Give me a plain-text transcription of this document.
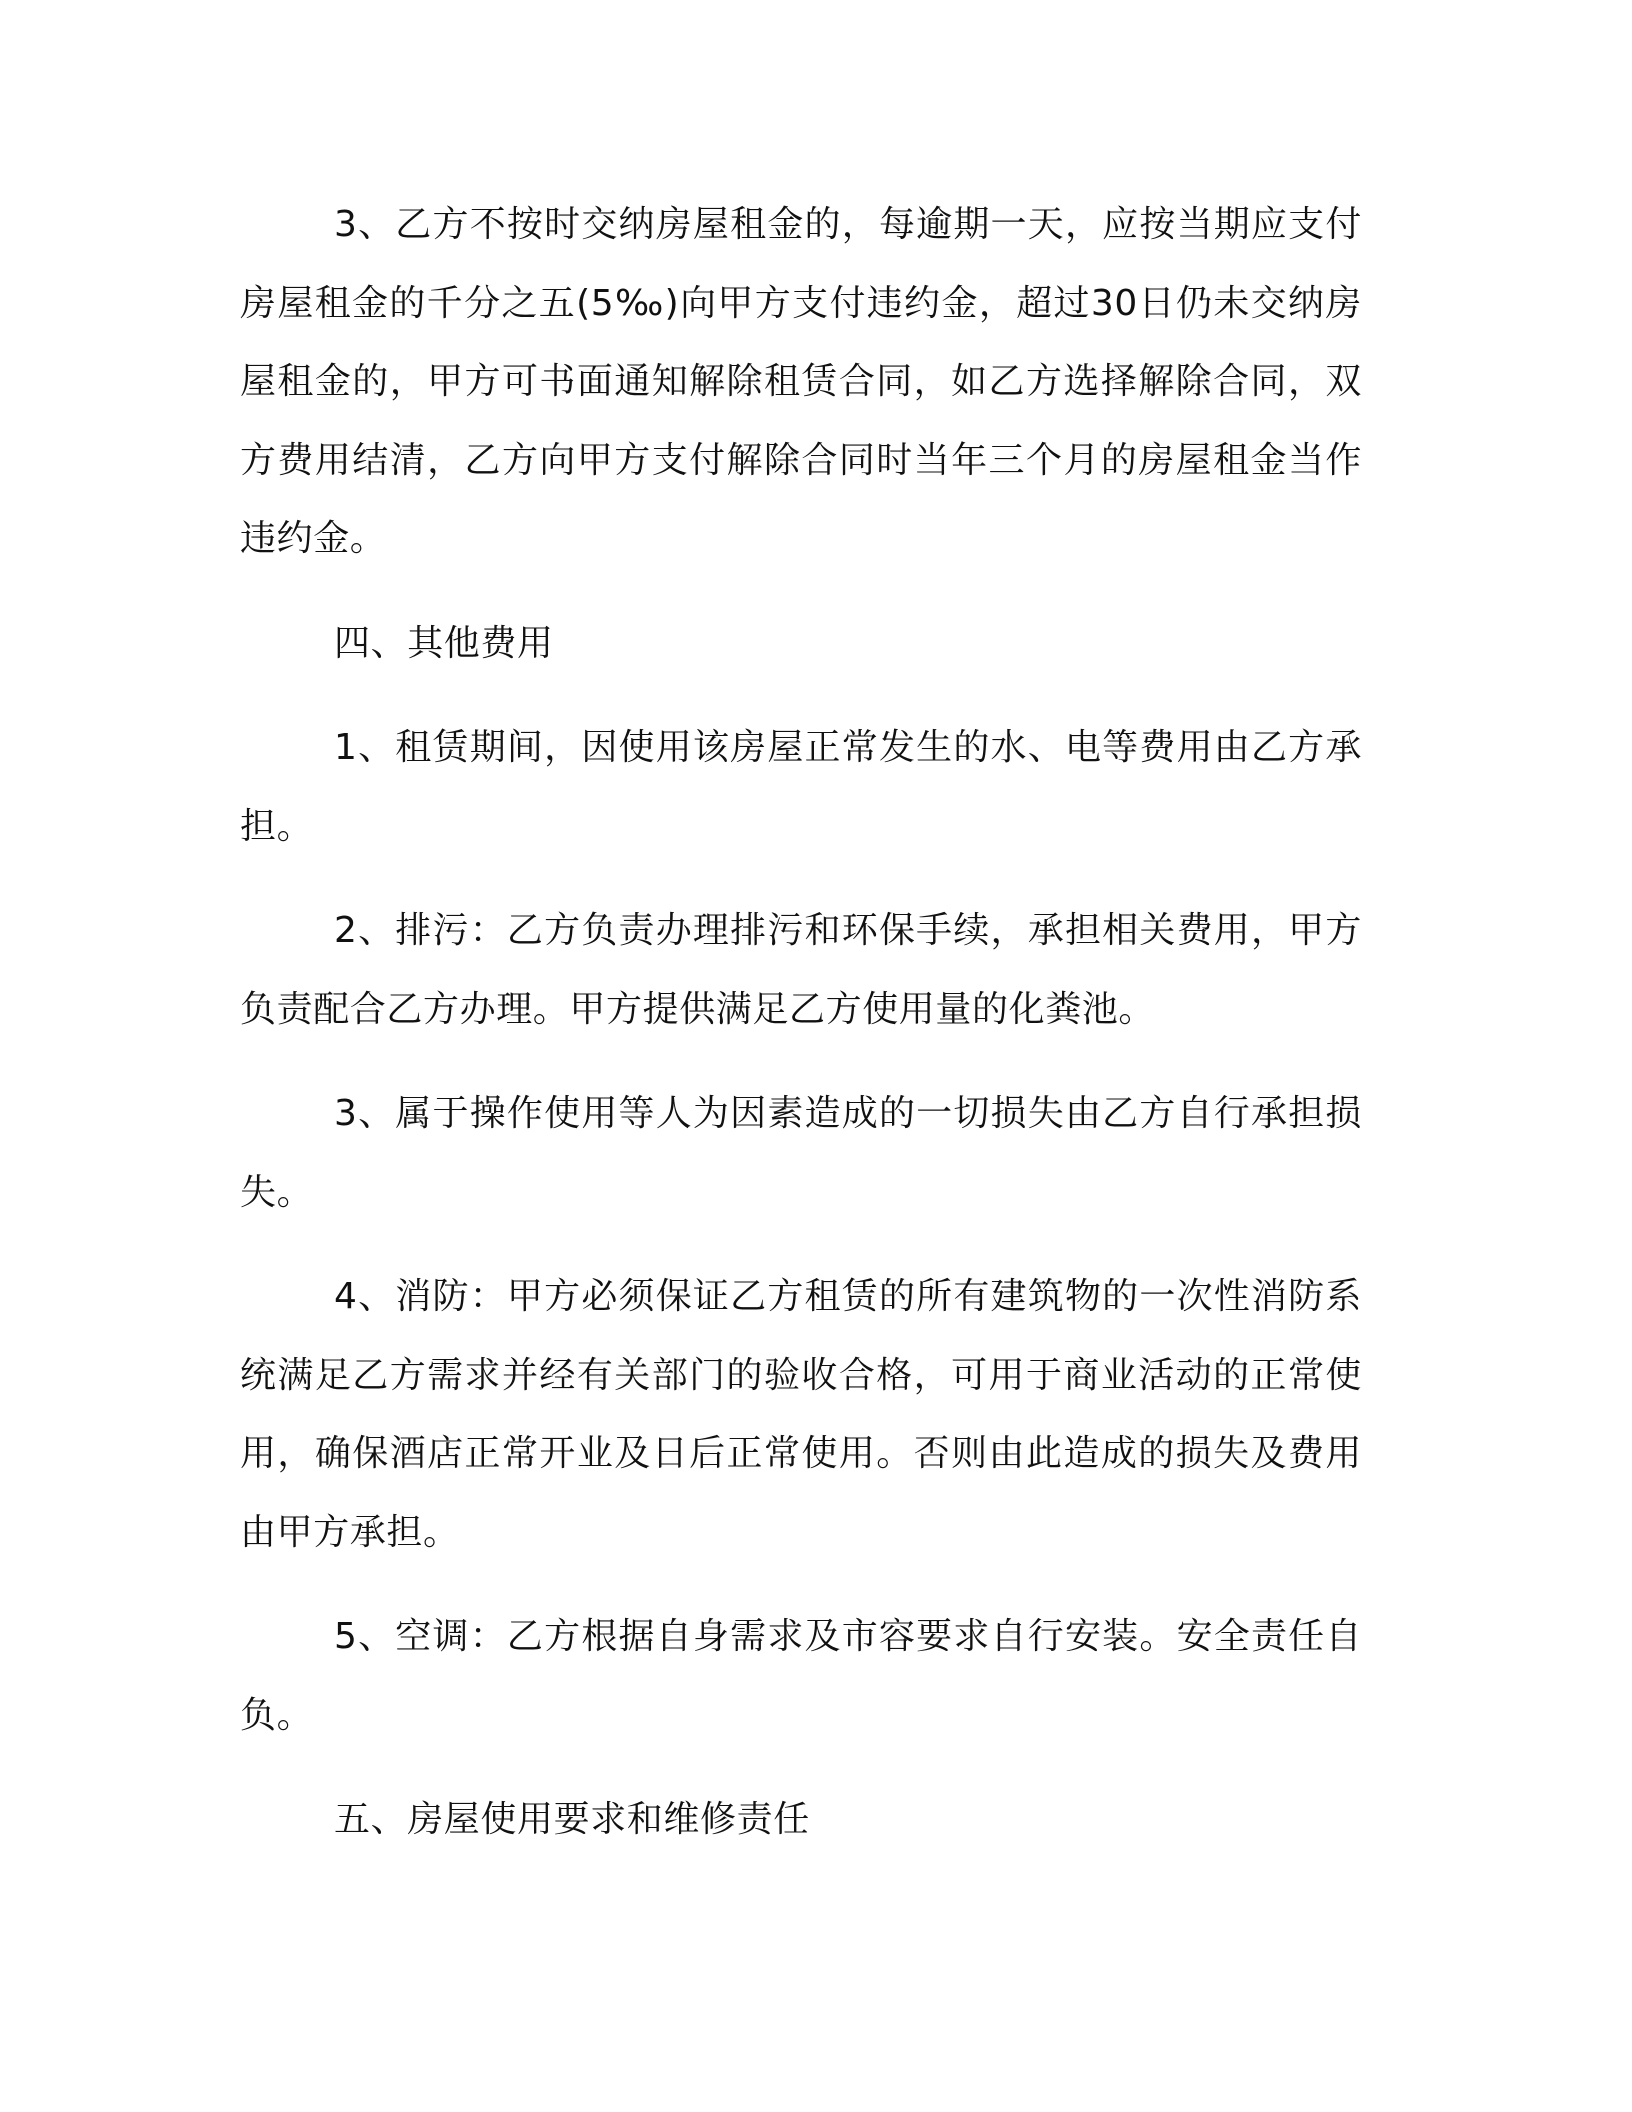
3、乙方不按时交纳房屋租金的，每逾期一天，应按当期应支付房屋租金的千分之五(5‰)向甲方支付违约金，超过30日仍未交纳房屋租金的，甲方可书面通知解除租赁合同，如乙方选择解除合同，双方费用结清，乙方向甲方支付解除合同时当年三个月的房屋租金当作违约金。

四、其他费用

1、租赁期间，因使用该房屋正常发生的水、电等费用由乙方承担。

2、排污：乙方负责办理排污和环保手续，承担相关费用，甲方负责配合乙方办理。甲方提供满足乙方使用量的化粪池。

3、属于操作使用等人为因素造成的一切损失由乙方自行承担损失。

4、消防：甲方必须保证乙方租赁的所有建筑物的一次性消防系统满足乙方需求并经有关部门的验收合格，可用于商业活动的正常使用，确保酒店正常开业及日后正常使用。否则由此造成的损失及费用由甲方承担。

5、空调：乙方根据自身需求及市容要求自行安装。安全责任自负。

五、房屋使用要求和维修责任
